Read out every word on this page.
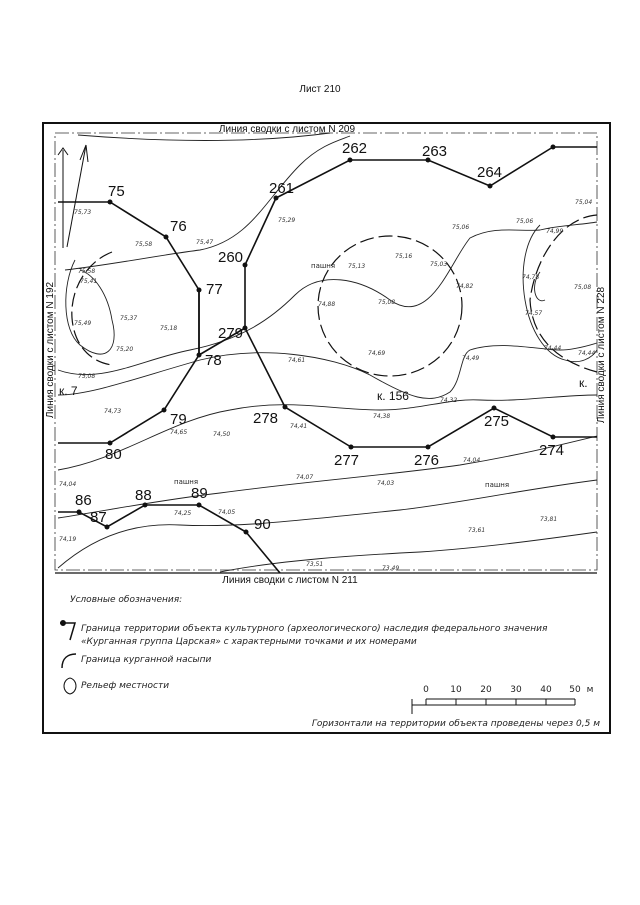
Лист 210
Линия сводки с листом N 209
Линия сводки с листом N 211
Линия сводки с листом N 192	Линия сводки с листом N 228
75
76
77
78
79
80
86
87
88	89
90
260
261
262	263
264
274
275
276
277
278
279
к. 156
к. 7
к.
пашня
пашня	пашня
75,73
75,58	75,47
75,29
75,58
75,41
75,37
75,49
75,20
75,18
75,08
75,13
75,16
75,03
75,06
75,06
74,99
75,04
74,88	75,08
74,82
74,78
74,57
75,08
74,61
74,69
74,49
74,44
74,44
74,73
74,65	74,50
74,41
74,38
74,32
74,07
74,03
74,04
74,25	74,05
73,61
73,81
73,51
73,49
74,19
74,04
Условные обозначения:
Граница территории объекта культурного (археологического) наследия федерального значения
«Курганная группа Царская» с характерными точками и их номерами
Граница курганной насыпи
Рельеф местности	0 10 20 30 40 50 м
Горизонтали на территории объекта проведены через 0,5 м
